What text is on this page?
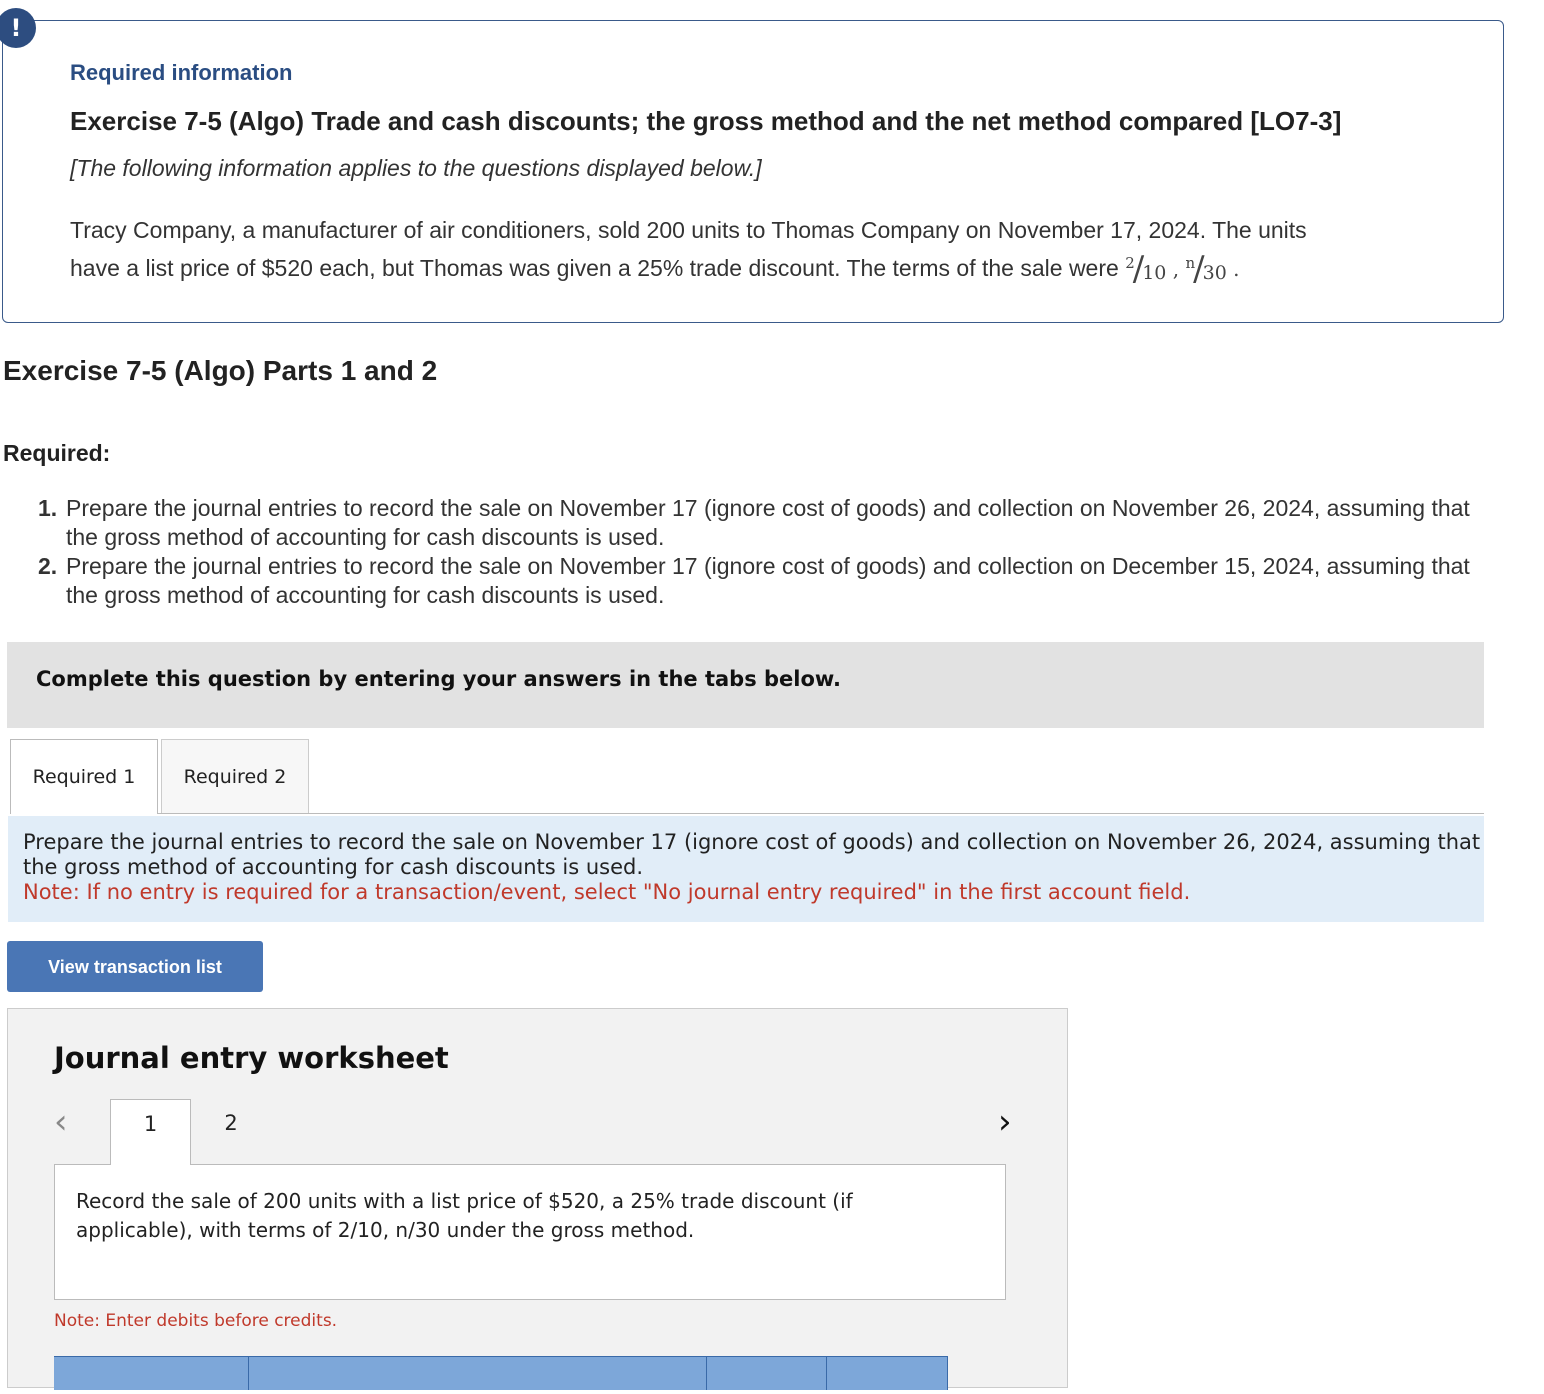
!
Required information
Exercise 7-5 (Algo) Trade and cash discounts; the gross method and the net method compared [LO7-3]
[The following information applies to the questions displayed below.]
Tracy Company, a manufacturer of air conditioners, sold 200 units to Thomas Company on November 17, 2024. The units
have a list price of $520 each, but Thomas was given a 25% trade discount. The terms of the sale were $^2/_{10}$ , $^n/_{30}$ .
Exercise 7-5 (Algo) Parts 1 and 2
Required:
1. Prepare the journal entries to record the sale on November 17 (ignore cost of goods) and collection on November 26, 2024, assuming that the gross method of accounting for cash discounts is used.
2. Prepare the journal entries to record the sale on November 17 (ignore cost of goods) and collection on December 15, 2024, assuming that the gross method of accounting for cash discounts is used.
Complete this question by entering your answers in the tabs below.
Required 1	Required 2
Prepare the journal entries to record the sale on November 17 (ignore cost of goods) and collection on November 26, 2024, assuming that the gross method of accounting for cash discounts is used.
Note: If no entry is required for a transaction/event, select "No journal entry required" in the first account field.
View transaction list
Journal entry worksheet
‹	1	2	›
Record the sale of 200 units with a list price of $520, a 25% trade discount (if applicable), with terms of 2/10, n/30 under the gross method.
Note: Enter debits before credits.
